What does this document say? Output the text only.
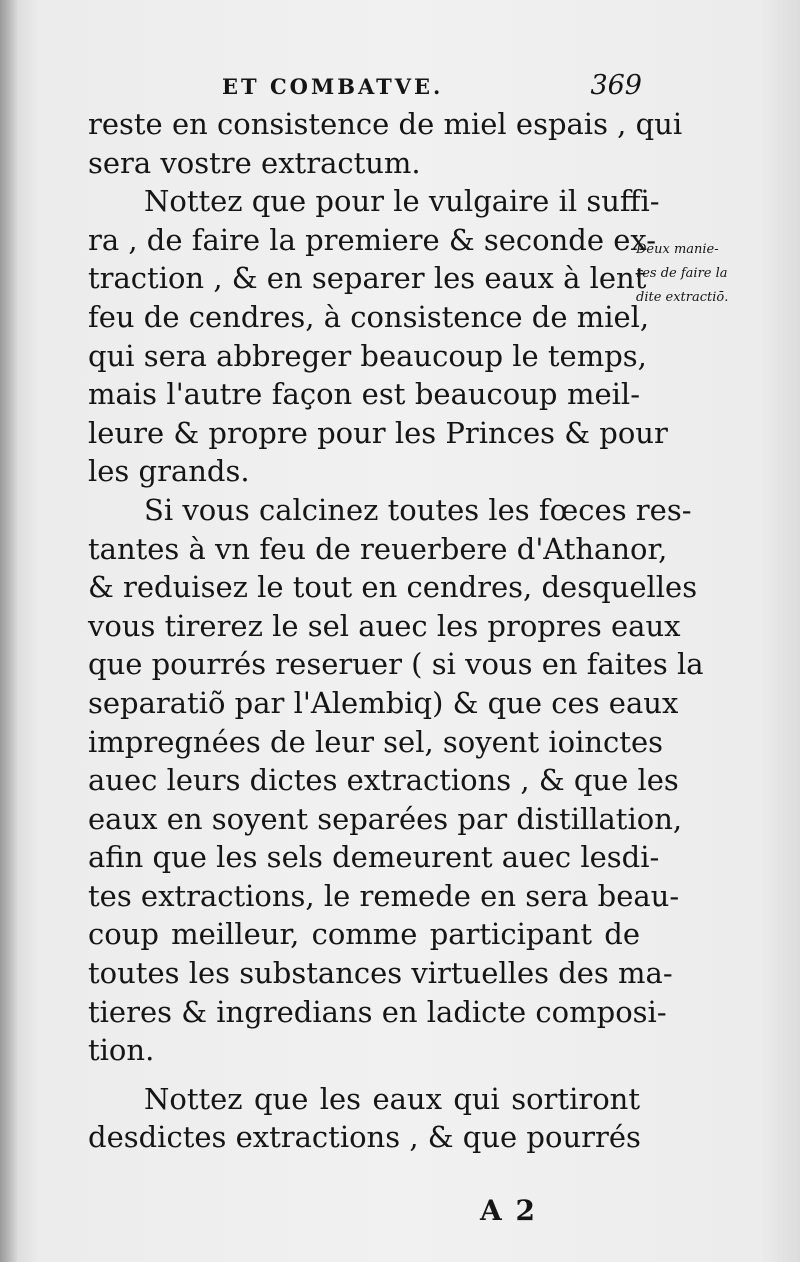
ET COMBATVE.	369
reste en consistence de miel espais , qui
sera vostre extractum.
Nottez que pour le vulgaire il suffi-
ra , de faire la premiere & seconde ex-
traction , & en separer les eaux à lent
feu de cendres, à consistence de miel,
qui sera abbreger beaucoup le temps,
mais l'autre façon est beaucoup meil-
leure & propre pour les Princes & pour
les grands.
Si vous calcinez toutes les fœces res-
tantes à vn feu de reuerbere d'Athanor,
& reduisez le tout en cendres, desquelles
vous tirerez le sel auec les propres eaux
que pourrés reseruer ( si vous en faites la
separatiõ par l'Alembiq) & que ces eaux
impregnées de leur sel, soyent ioinctes
auec leurs dictes extractions , & que les
eaux en soyent separées par distillation,
afin que les sels demeurent auec lesdi-
tes extractions, le remede en sera beau-
coup meilleur, comme participant de
toutes les substances virtuelles des ma-
tieres & ingredians en ladicte composi-
tion.
Nottez que les eaux qui sortiront
desdictes extractions , & que pourrés
Deux manie-
res de faire la
dite extractiō.
A 2
